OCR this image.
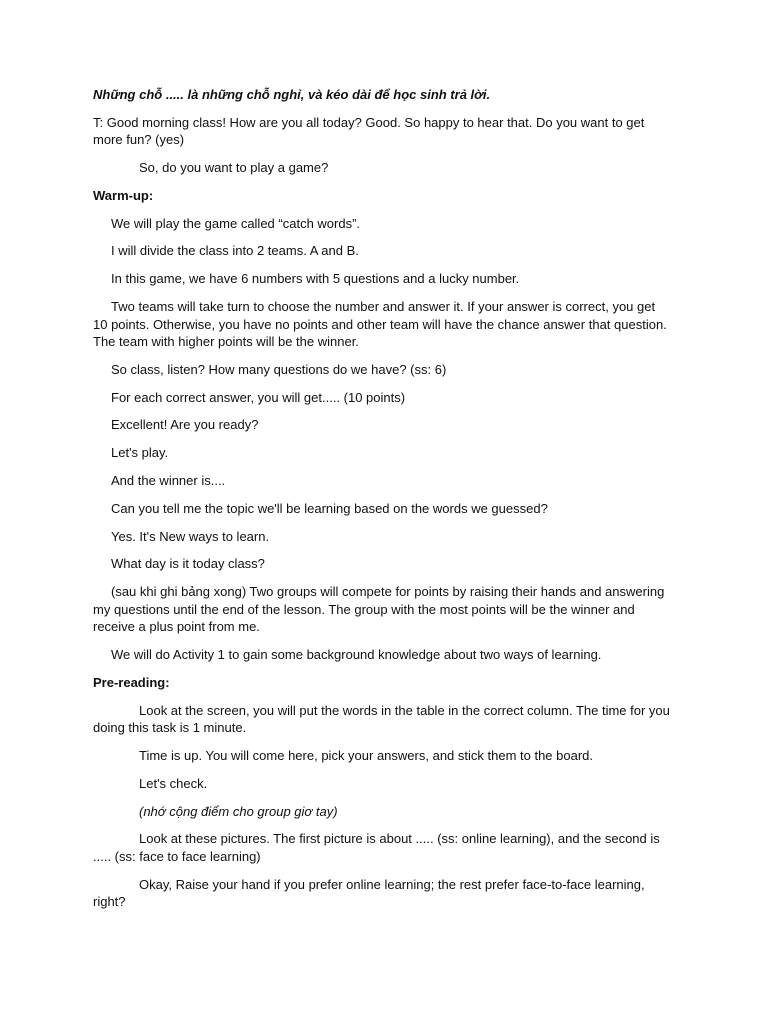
Những chỗ ..... là những chỗ nghỉ, và kéo dài để học sinh trả lời.

T: Good morning class! How are you all today? Good. So happy to hear that. Do you want to get more fun? (yes)

So, do you want to play a game?

Warm-up:

We will play the game called “catch words”.

I will divide the class into 2 teams. A and B.

In this game, we have 6 numbers with 5 questions and a lucky number.

Two teams will take turn to choose the number and answer it. If your answer is correct, you get 10 points. Otherwise, you have no points and other team will have the chance answer that question. The team with higher points will be the winner.

So class, listen? How many questions do we have? (ss: 6)

For each correct answer, you will get..... (10 points)

Excellent! Are you ready?

Let's play.

And the winner is....

Can you tell me the topic we'll be learning based on the words we guessed?

Yes. It's New ways to learn.

What day is it today class?

(sau khi ghi bảng xong) Two groups will compete for points by raising their hands and answering my questions until the end of the lesson. The group with the most points will be the winner and receive a plus point from me.

We will do Activity 1 to gain some background knowledge about two ways of learning.

Pre-reading:

Look at the screen, you will put the words in the table in the correct column. The time for you doing this task is 1 minute.

Time is up. You will come here, pick your answers, and stick them to the board.

Let's check.

(nhớ cộng điểm cho group giơ tay)

Look at these pictures. The first picture is about ..... (ss: online learning), and the second is ..... (ss: face to face learning)

Okay, Raise your hand if you prefer online learning; the rest prefer face-to-face learning, right?
